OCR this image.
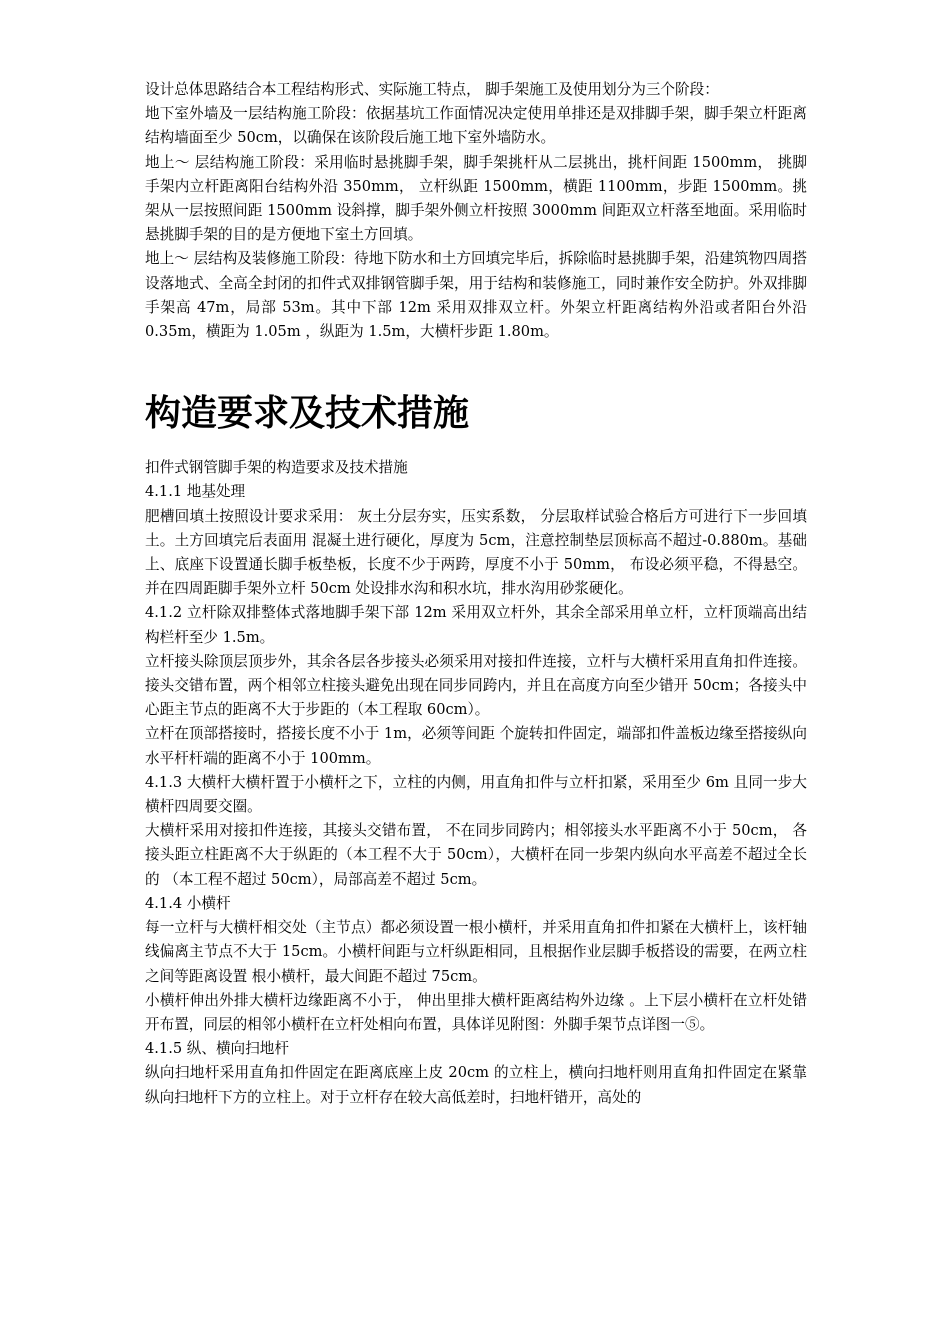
设计总体思路结合本工程结构形式、实际施工特点， 脚手架施工及使用划分为三个阶段：

地下室外墙及一层结构施工阶段：依据基坑工作面情况决定使用单排还是双排脚手架，脚手架立杆距离结构墙面至少 50cm，以确保在该阶段后施工地下室外墙防水。

地上～ 层结构施工阶段：采用临时悬挑脚手架，脚手架挑杆从二层挑出，挑杆间距 1500mm， 挑脚手架内立杆距离阳台结构外沿 350mm， 立杆纵距 1500mm，横距 1100mm，步距 1500mm。挑架从一层按照间距 1500mm 设斜撑，脚手架外侧立杆按照 3000mm 间距双立杆落至地面。采用临时悬挑脚手架的目的是方便地下室土方回填。

地上～ 层结构及装修施工阶段：待地下防水和土方回填完毕后，拆除临时悬挑脚手架，沿建筑物四周搭设落地式、全高全封闭的扣件式双排钢管脚手架，用于结构和装修施工，同时兼作安全防护。外双排脚手架高 47m，局部 53m。其中下部 12m 采用双排双立杆。外架立杆距离结构外沿或者阳台外沿 0.35m，横距为 1.05m ，纵距为 1.5m，大横杆步距 1.80m。

构造要求及技术措施

扣件式钢管脚手架的构造要求及技术措施

4.1.1 地基处理

肥槽回填土按照设计要求采用： 灰土分层夯实，压实系数， 分层取样试验合格后方可进行下一步回填土。土方回填完后表面用 混凝土进行硬化，厚度为 5cm，注意控制垫层顶标高不超过-0.880m。基础上、底座下设置通长脚手板垫板，长度不少于两跨，厚度不小于 50mm， 布设必须平稳，不得悬空。并在四周距脚手架外立杆 50cm 处设排水沟和积水坑，排水沟用砂浆硬化。

4.1.2 立杆除双排整体式落地脚手架下部 12m 采用双立杆外，其余全部采用单立杆，立杆顶端高出结构栏杆至少 1.5m。

立杆接头除顶层顶步外，其余各层各步接头必须采用对接扣件连接，立杆与大横杆采用直角扣件连接。接头交错布置，两个相邻立柱接头避免出现在同步同跨内，并且在高度方向至少错开 50cm；各接头中心距主节点的距离不大于步距的（本工程取 60cm）。

立杆在顶部搭接时，搭接长度不小于 1m，必须等间距 个旋转扣件固定，端部扣件盖板边缘至搭接纵向水平杆杆端的距离不小于 100mm。

4.1.3 大横杆大横杆置于小横杆之下，立柱的内侧，用直角扣件与立杆扣紧，采用至少 6m 且同一步大横杆四周要交圈。

大横杆采用对接扣件连接，其接头交错布置， 不在同步同跨内；相邻接头水平距离不小于 50cm， 各接头距立柱距离不大于纵距的（本工程不大于 50cm），大横杆在同一步架内纵向水平高差不超过全长的 （本工程不超过 50cm），局部高差不超过 5cm。

4.1.4 小横杆

每一立杆与大横杆相交处（主节点）都必须设置一根小横杆，并采用直角扣件扣紧在大横杆上，该杆轴线偏离主节点不大于 15cm。小横杆间距与立杆纵距相同，且根据作业层脚手板搭设的需要，在两立柱之间等距离设置 根小横杆，最大间距不超过 75cm。

小横杆伸出外排大横杆边缘距离不小于， 伸出里排大横杆距离结构外边缘 。上下层小横杆在立杆处错开布置，同层的相邻小横杆在立杆处相向布置，具体详见附图：外脚手架节点详图一⑤。

4.1.5 纵、横向扫地杆

纵向扫地杆采用直角扣件固定在距离底座上皮 20cm 的立柱上，横向扫地杆则用直角扣件固定在紧靠纵向扫地杆下方的立柱上。对于立杆存在较大高低差时，扫地杆错开，高处的
